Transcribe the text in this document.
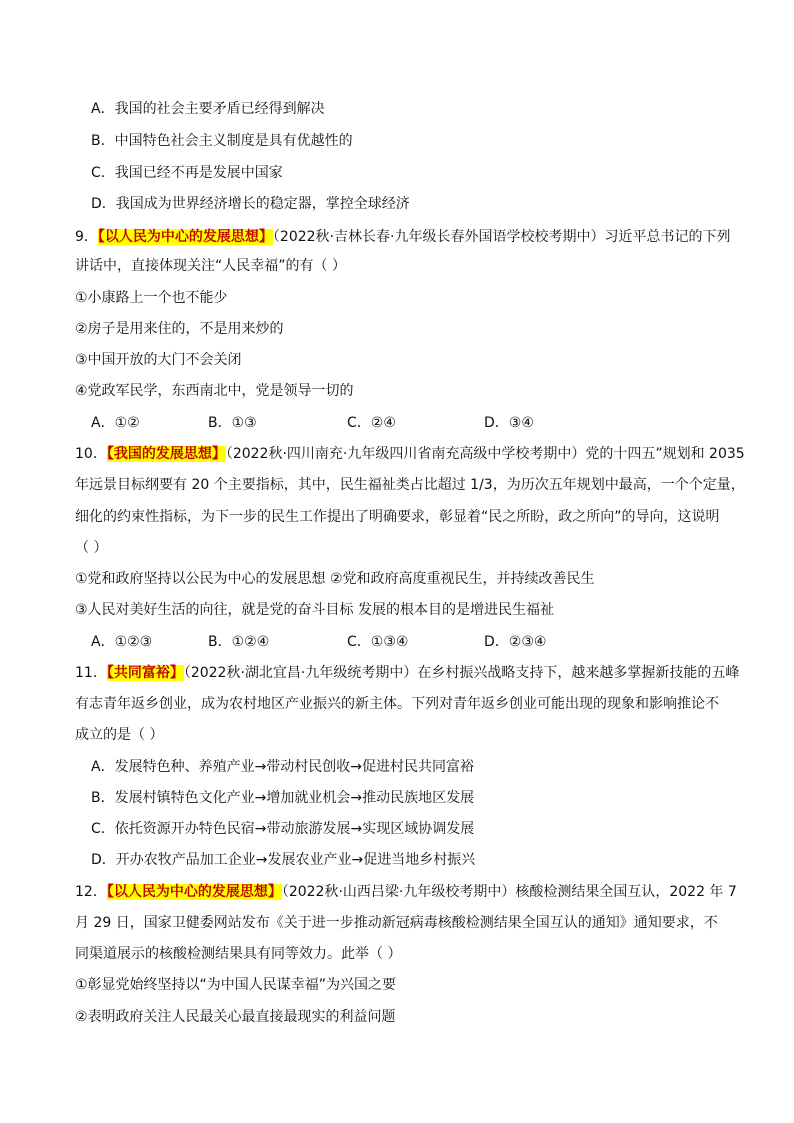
A．我国的社会主要矛盾已经得到解决
B．中国特色社会主义制度是具有优越性的
C．我国已经不再是发展中国家
D．我国成为世界经济增长的稳定器，掌控全球经济
9．【以人民为中心的发展思想】（2022秋·吉林长春·九年级长春外国语学校校考期中）习近平总书记的下列
讲话中，直接体现关注“人民幸福”的有（ ）
①小康路上一个也不能少
②房子是用来住的，不是用来炒的
③中国开放的大门不会关闭
④党政军民学，东西南北中，党是领导一切的
A．①②	B．①③	C．②④	D．③④
10．【我国的发展思想】（2022秋·四川南充·九年级四川省南充高级中学校考期中）党的十四五”规划和 2035
年远景目标纲要有 20 个主要指标，其中，民生福祉类占比超过 1/3，为历次五年规划中最高，一个个定量，
细化的约束性指标，为下一步的民生工作提出了明确要求，彰显着“民之所盼，政之所向”的导向，这说明
（ ）
①党和政府坚持以公民为中心的发展思想 ②党和政府高度重视民生，并持续改善民生
③人民对美好生活的向往，就是党的奋斗目标 发展的根本目的是增进民生福祉
A．①②③	B．①②④	C．①③④	D．②③④
11．【共同富裕】（2022秋·湖北宜昌·九年级统考期中）在乡村振兴战略支持下，越来越多掌握新技能的五峰
有志青年返乡创业，成为农村地区产业振兴的新主体。下列对青年返乡创业可能出现的现象和影响推论不
成立的是（ ）
A．发展特色种、养殖产业→带动村民创收→促进村民共同富裕
B．发展村镇特色文化产业→增加就业机会→推动民族地区发展
C．依托资源开办特色民宿→带动旅游发展→实现区域协调发展
D．开办农牧产品加工企业→发展农业产业→促进当地乡村振兴
12．【以人民为中心的发展思想】（2022秋·山西吕梁·九年级校考期中）核酸检测结果全国互认，2022 年 7
月 29 日，国家卫健委网站发布《关于进一步推动新冠病毒核酸检测结果全国互认的通知》通知要求，不
同渠道展示的核酸检测结果具有同等效力。此举（ ）
①彰显党始终坚持以“为中国人民谋幸福”为兴国之要
②表明政府关注人民最关心最直接最现实的利益问题
